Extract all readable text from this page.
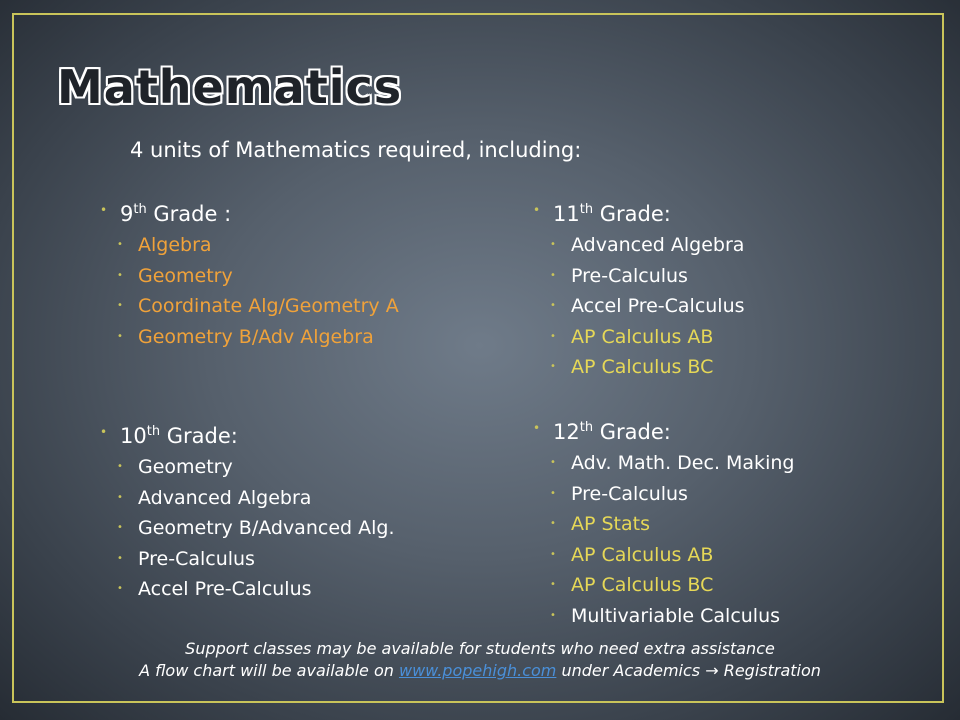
Mathematics
4 units of Mathematics required, including:
• 9th Grade :
• Algebra
• Geometry
• Coordinate Alg/Geometry A
• Geometry B/Adv Algebra
• 10th Grade:
• Geometry
• Advanced Algebra
• Geometry B/Advanced Alg.
• Pre-Calculus
• Accel Pre-Calculus
• 11th Grade:
• Advanced Algebra
• Pre-Calculus
• Accel Pre-Calculus
• AP Calculus AB
• AP Calculus BC
• 12th Grade:
• Adv. Math. Dec. Making
• Pre-Calculus
• AP Stats
• AP Calculus AB
• AP Calculus BC
• Multivariable Calculus
Support classes may be available for students who need extra assistance
A flow chart will be available on www.popehigh.com under Academics → Registration
